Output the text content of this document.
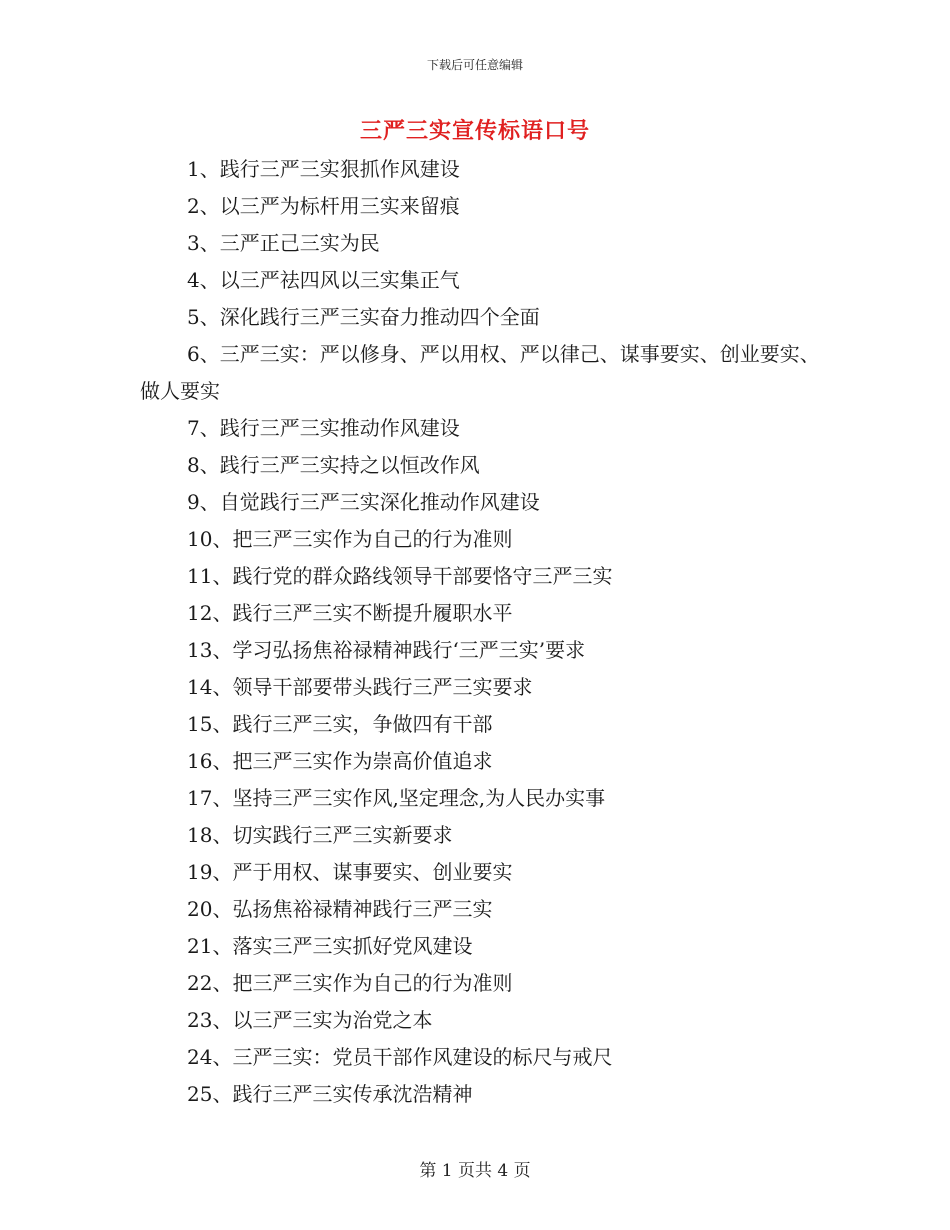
下载后可任意编辑
三严三实宣传标语口号
1、践行三严三实狠抓作风建设
2、以三严为标杆用三实来留痕
3、三严正己三实为民
4、以三严祛四风以三实集正气
5、深化践行三严三实奋力推动四个全面
6、三严三实：严以修身、严以用权、严以律己、谋事要实、创业要实、做人要实
7、践行三严三实推动作风建设
8、践行三严三实持之以恒改作风
9、自觉践行三严三实深化推动作风建设
10、把三严三实作为自己的行为准则
11、践行党的群众路线领导干部要恪守三严三实
12、践行三严三实不断提升履职水平
13、学习弘扬焦裕禄精神践行‘三严三实’要求
14、领导干部要带头践行三严三实要求
15、践行三严三实，争做四有干部
16、把三严三实作为崇高价值追求
17、坚持三严三实作风,坚定理念,为人民办实事
18、切实践行三严三实新要求
19、严于用权、谋事要实、创业要实
20、弘扬焦裕禄精神践行三严三实
21、落实三严三实抓好党风建设
22、把三严三实作为自己的行为准则
23、以三严三实为治党之本
24、三严三实：党员干部作风建设的标尺与戒尺
25、践行三严三实传承沈浩精神
第 1 页共 4 页
